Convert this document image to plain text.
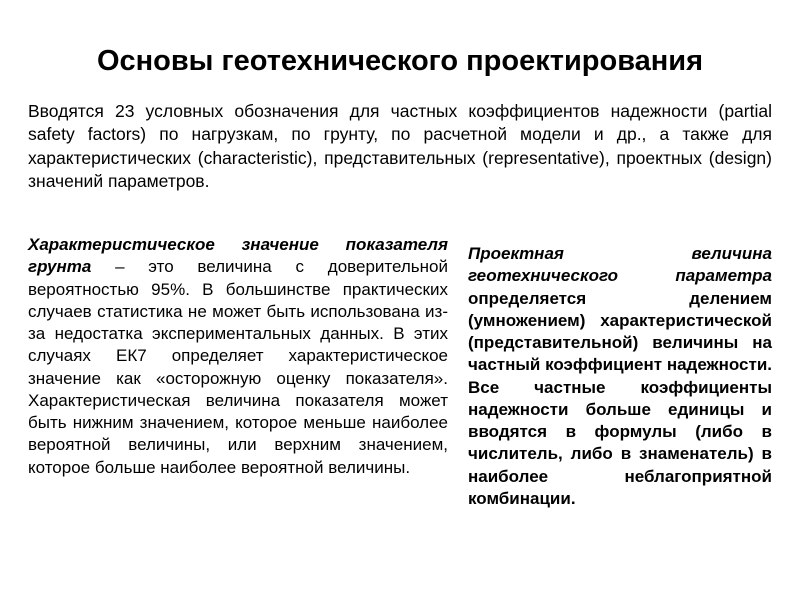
Основы геотехнического проектирования

Вводятся 23 условных обозначения для частных коэффициентов надежности (partial safety factors) по нагрузкам, по грунту, по расчетной модели и др., а также для характеристических (characteristic), представительных (representative), проектных (design) значений параметров.

Характеристическое значение показателя грунта – это величина с доверительной вероятностью 95%. В большинстве практических случаев статистика не может быть использована из-за недостатка экспериментальных данных. В этих случаях ЕК7 определяет характеристическое значение как «осторожную оценку показателя». Характеристическая величина показателя может быть нижним значением, которое меньше наиболее вероятной величины, или верхним значением, которое больше наиболее вероятной величины.

Проектная величина геотехнического параметра определяется делением (умножением) характеристической (представительной) величины на частный коэффициент надежности. Все частные коэффициенты надежности больше единицы и вводятся в формулы (либо в числитель, либо в знаменатель) в наиболее неблагоприятной комбинации.
